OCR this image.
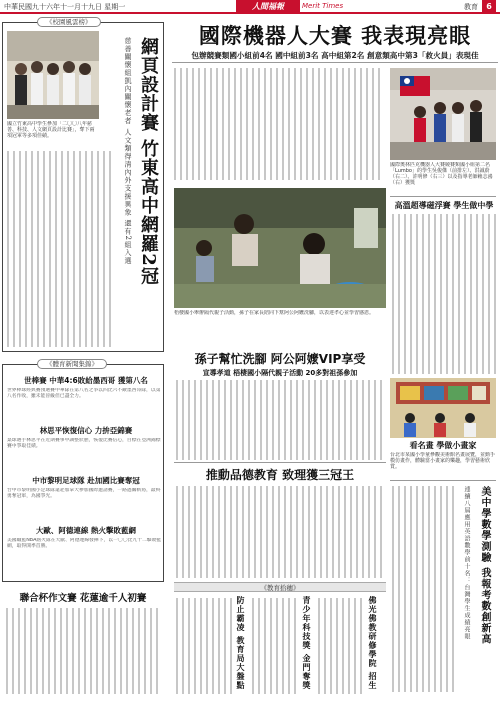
中華民國九十六年十一月十九日 星期一	人間福報	Merit Times	教育	6
《校園風雲榜》
國立竹東高中學生參加「二〇〇八年慈善、科技、人文網頁設計比賽」，奪下兩項冠軍等多項佳績。	網頁設計賽 竹東高中網羅2冠
慈善關懷組凱內關懷老者 人文類得清內外支援異象 還有2組入選
《體育新聞集錦》
世棒賽 中華4:6敗給墨西哥 獲第八名
世界棒球經典賽預選賽中華隊在第八名之爭以四比六不敵墨西哥隊，以第八名作收，雖未能晉級但已盡全力。
林思平恢復信心 力拚亞錦賽
桌球選手林思平在近期賽事中調整狀態，恢復比賽信心，目標在亞洲錦標賽中爭取佳績。
中市黎明足球隊 赴加國比賽奪冠
台中市黎明國小足球隊遠赴加拿大參加國際邀請賽，一路過關斬將，最終勇奪冠軍，為國爭光。
大歐、阿德連線 熱火擊敗藍網
美國職籃NBA熱火隊在大歐、阿德連線發揮下，以一〇〇比九十二擊敗藍網，取得開季首勝。
聯合杯作文賽 花蓮逾千人初賽
國際機器人大賽 我表現亮眼
包辦競賽類國小組前4名 國中組前3名 高中組第2名 創意類高中第3「救火員」表現佳
國際奧林匹克機器人大賽競賽類國小組第二名「Lumbo」的學生吳俊傑（前排左）、洪誠蔚（右二）、許明修（右三）以及指導老師賴志鴻（右）獲獎
高溫超導磁浮賽 學生做中學
梧棲國小舉辦隔代親子活動，孫子在家長陪同下幫阿公阿嬤洗腳，以表達孝心並學習感恩。
孫子幫忙洗腳 阿公阿嬤VIP享受
宣導孝道 梧棲國小隔代親子活動 20多對祖孫參加
看名畫 學做小畫家
台北市某國小學童參觀美術館名畫展覽，並動手模仿畫作，體驗當小畫家的樂趣，學習藝術欣賞。
推動品德教育 致理獲三冠王
美中學數學測驗 我報考數創新高
連續八屆應用英語數學前十名：台灣學生成績亮眼
《教育拾穗》
佛光佛教研修學院 招生
青少年科技獎 金門奪獎
防止霸凌 教育局大盤點
